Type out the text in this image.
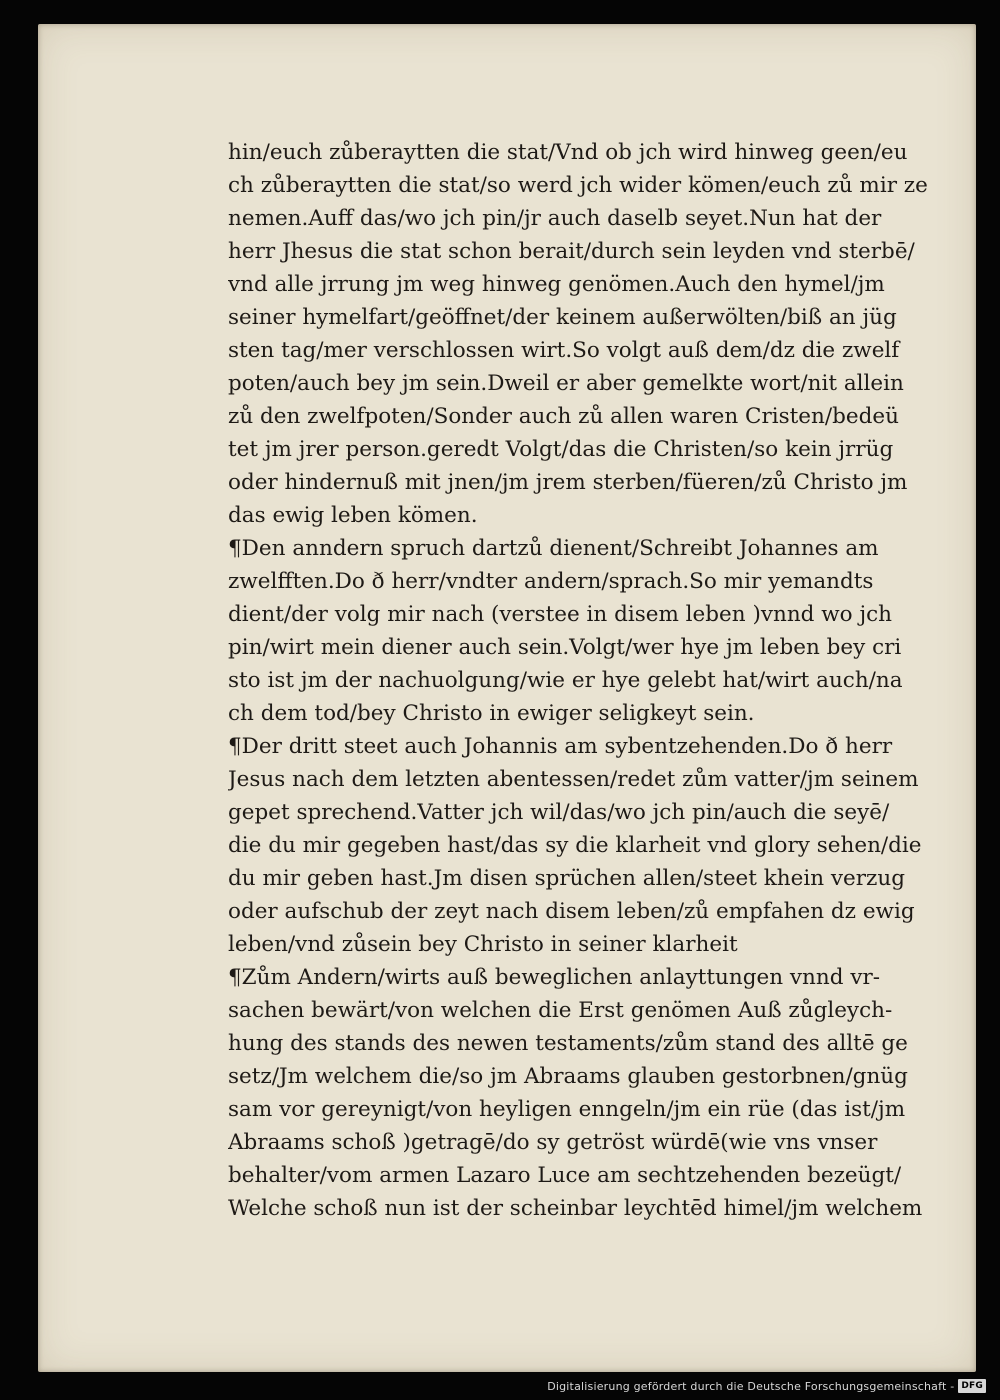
hin/euch zůberaytten die stat/Vnd ob jch wird hinweg geen/eu
ch zůberaytten die stat/so werd jch wider kömen/euch zů mir ze
nemen.Auff das/wo jch pin/jr auch daselb seyet.Nun hat der
herr Jhesus die stat schon berait/durch sein leyden vnd sterbē/
vnd alle jrrung jm weg hinweg genömen.Auch den hymel/jm
seiner hymelfart/geöffnet/der keinem außerwölten/biß an jüg
sten tag/mer verschlossen wirt.So volgt auß dem/dz die zwelf
poten/auch bey jm sein.Dweil er aber gemelkte wort/nit allein
zů den zwelfpoten/Sonder auch zů allen waren Cristen/bedeü
tet jm jrer person.geredt Volgt/das die Christen/so kein jrrüg
oder hindernuß mit jnen/jm jrem sterben/füeren/zů Christo jm
das ewig leben kömen.
¶Den anndern spruch dartzů dienent/Schreibt Johannes am
zwelfften.Do ð herr/vndter andern/sprach.So mir yemandts
dient/der volg mir nach (verstee in disem leben )vnnd wo jch
pin/wirt mein diener auch sein.Volgt/wer hye jm leben bey cri
sto ist jm der nachuolgung/wie er hye gelebt hat/wirt auch/na
ch dem tod/bey Christo in ewiger seligkeyt sein.
¶Der dritt steet auch Johannis am sybentzehenden.Do ð herr
Jesus nach dem letzten abentessen/redet zům vatter/jm seinem
gepet sprechend.Vatter jch wil/das/wo jch pin/auch die seyē/
die du mir gegeben hast/das sy die klarheit vnd glory sehen/die
du mir geben hast.Jm disen sprüchen allen/steet khein verzug
oder aufschub der zeyt nach disem leben/zů empfahen dz ewig
leben/vnd zůsein bey Christo in seiner klarheit
¶Zům Andern/wirts auß beweglichen anlayttungen vnnd vr-
sachen bewärt/von welchen die Erst genömen Auß zůgleych-
hung des stands des newen testaments/zům stand des alltē ge
setz/Jm welchem die/so jm Abraams glauben gestorbnen/gnüg
sam vor gereynigt/von heyligen enngeln/jm ein rüe (das ist/jm
Abraams schoß )getragē/do sy getröst würdē(wie vns vnser
behalter/vom armen Lazaro Luce am sechtzehenden bezeügt/
Welche schoß nun ist der scheinbar leychtēd himel/jm welchem
Digitalisierung gefördert durch die Deutsche Forschungsgemeinschaft - DFG
